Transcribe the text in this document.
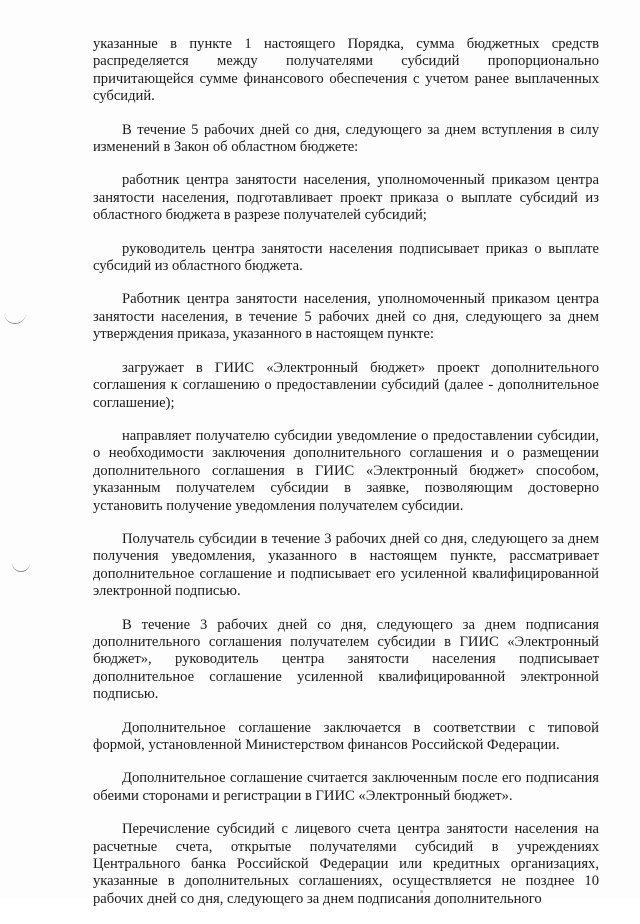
указанные в пункте 1 настоящего Порядка, сумма бюджетных средств распределяется между получателями субсидий пропорционально причитающейся сумме финансового обеспечения с учетом ранее выплаченных субсидий.

В течение 5 рабочих дней со дня, следующего за днем вступления в силу изменений в Закон об областном бюджете:

работник центра занятости населения, уполномоченный приказом центра занятости населения, подготавливает проект приказа о выплате субсидий из областного бюджета в разрезе получателей субсидий;

руководитель центра занятости населения подписывает приказ о выплате субсидий из областного бюджета.

Работник центра занятости населения, уполномоченный приказом центра занятости населения, в течение 5 рабочих дней со дня, следующего за днем утверждения приказа, указанного в настоящем пункте:

загружает в ГИИС «Электронный бюджет» проект дополнительного соглашения к соглашению о предоставлении субсидий (далее - дополнительное соглашение);

направляет получателю субсидии уведомление о предоставлении субсидии, о необходимости заключения дополнительного соглашения и о размещении дополнительного соглашения в ГИИС «Электронный бюджет» способом, указанным получателем субсидии в заявке, позволяющим достоверно установить получение уведомления получателем субсидии.

Получатель субсидии в течение 3 рабочих дней со дня, следующего за днем получения уведомления, указанного в настоящем пункте, рассматривает дополнительное соглашение и подписывает его усиленной квалифицированной электронной подписью.

В течение 3 рабочих дней со дня, следующего за днем подписания дополнительного соглашения получателем субсидии в ГИИС «Электронный бюджет», руководитель центра занятости населения подписывает дополнительное соглашение усиленной квалифицированной электронной подписью.

Дополнительное соглашение заключается в соответствии с типовой формой, установленной Министерством финансов Российской Федерации.

Дополнительное соглашение считается заключенным после его подписания обеими сторонами и регистрации в ГИИС «Электронный бюджет».

Перечисление субсидий с лицевого счета центра занятости населения на расчетные счета, открытые получателями субсидий в учреждениях Центрального банка Российской Федерации или кредитных организациях, указанные в дополнительных соглашениях, осуществляется не позднее 10 рабочих дней со дня, следующего за днем подписания дополнительного
